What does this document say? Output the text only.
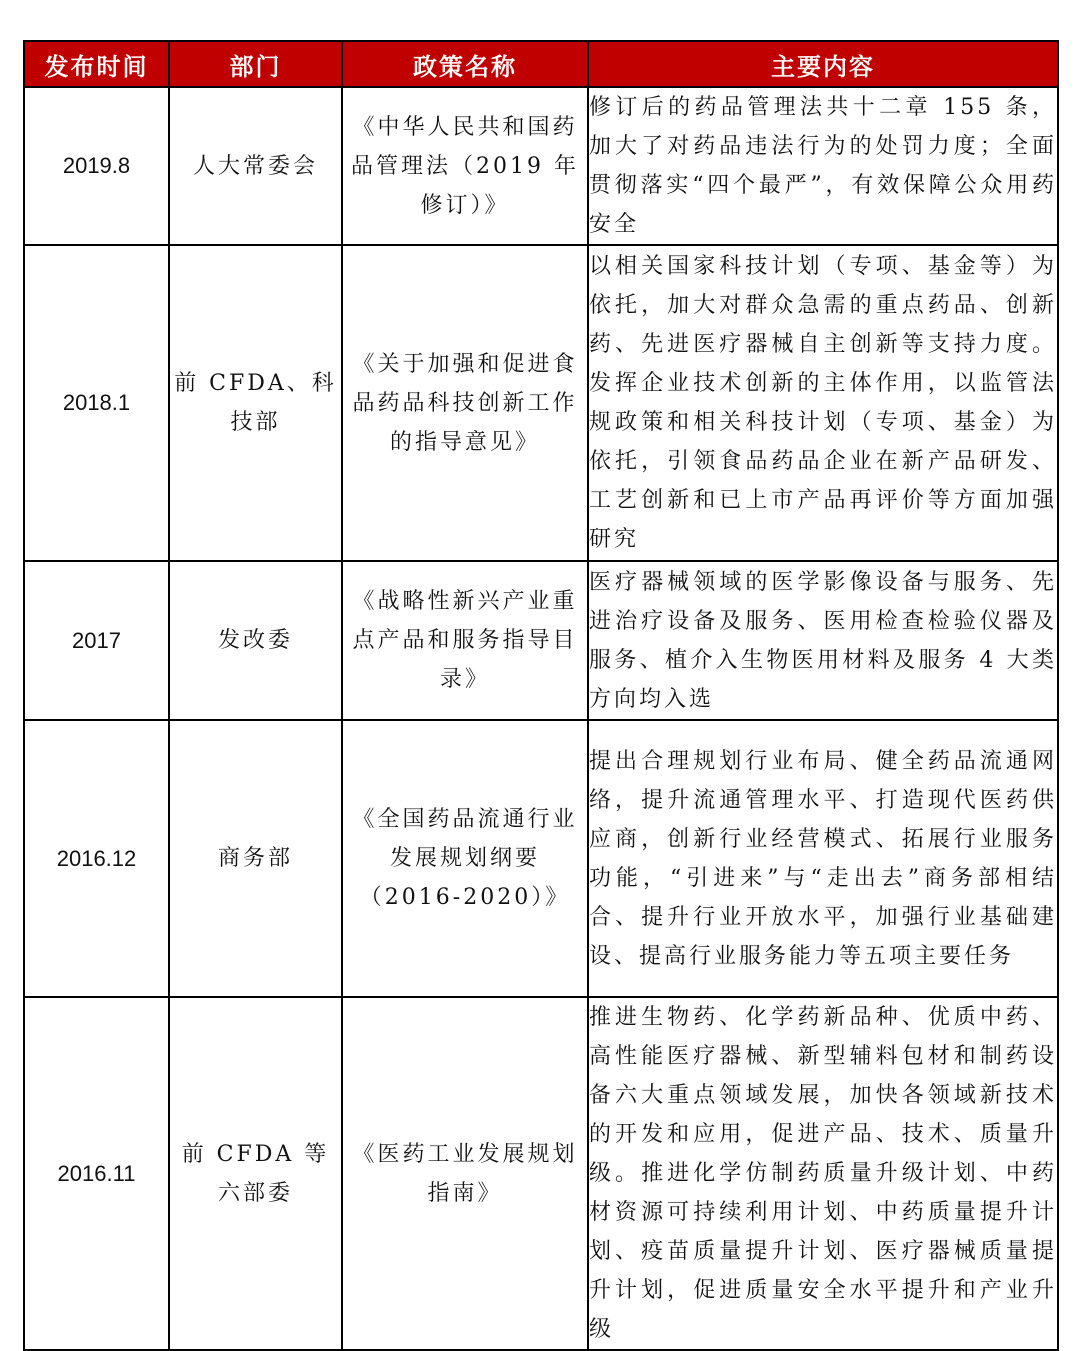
发布时间	部门	政策名称	主要内容
2019.8	人大常委会	《中华人民共和国药品管理法（2019 年修订）》	修订后的药品管理法共十二章 155 条，加大了对药品违法行为的处罚力度；全面贯彻落实“四个最严”，有效保障公众用药安全
2018.1	前 CFDA、科技部	《关于加强和促进食品药品科技创新工作的指导意见》	以相关国家科技计划（专项、基金等）为 依托，加大对群众急需的重点药品、创新药、先进医疗器械自主创新等支持力度。发挥企业技术创新的主体作用，以监管法规政策和相关科技计划（专项、基金）为依托，引领食品药品企业在新产品研发、工艺创新和已上市产品再评价等方面加强研究
2017	发改委	《战略性新兴产业重点产品和服务指导目录》	医疗器械领域的医学影像设备与服务、先进治疗设备及服务、医用检查检验仪器及服务、植介入生物医用材料及服务 4 大类方向均入选
2016.12	商务部	《全国药品流通行业发展规划纲要（2016-2020）》	提出合理规划行业布局、健全药品流通网络，提升流通管理水平、打造现代医药供应商，创新行业经营模式、拓展行业服务功能，“引进来”与“走出去”商务部相结合、提升行业开放水平，加强行业基础建设、提高行业服务能力等五项主要任务
2016.11	前 CFDA 等六部委	《医药工业发展规划指南》	推进生物药、化学药新品种、优质中药、高性能医疗器械、新型辅料包材和制药设备六大重点领域发展，加快各领域新技术的开发和应用，促进产品、技术、质量升级。推进化学仿制药质量升级计划、中药材资源可持续利用计划、中药质量提升计划、疫苗质量提升计划、医疗器械质量提升计划，促进质量安全水平提升和产业升级
